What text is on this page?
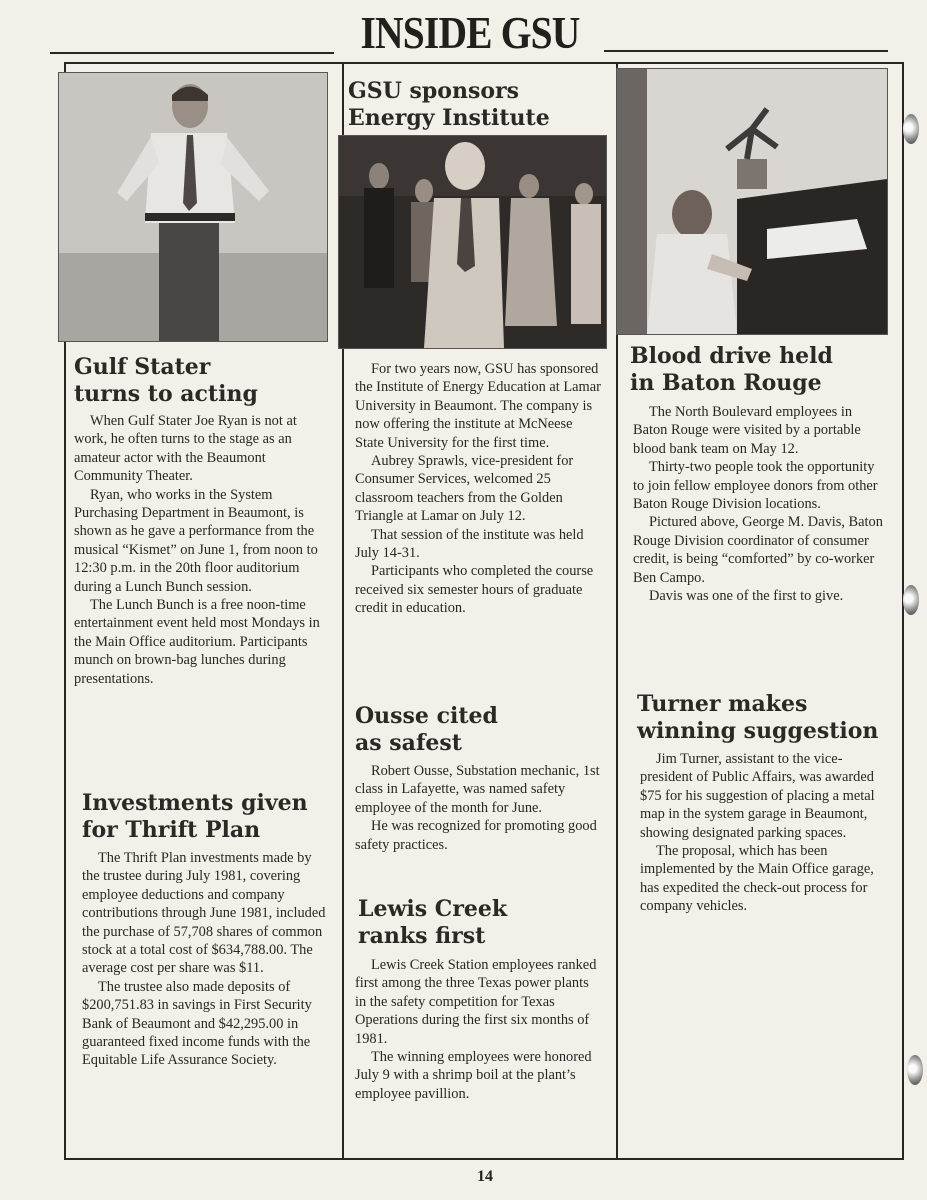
INSIDE GSU
Gulf Stater
turns to acting

When Gulf Stater Joe Ryan is not at work, he often turns to the stage as an amateur actor with the Beaumont Community Theater.

Ryan, who works in the System Purchasing Department in Beaumont, is shown as he gave a performance from the musical “Kismet” on June 1, from noon to 12:30 p.m. in the 20th floor auditorium during a Lunch Bunch session.

The Lunch Bunch is a free noon-time entertainment event held most Mondays in the Main Office auditorium. Participants munch on brown-bag lunches during presentations.

Investments given
for Thrift Plan

The Thrift Plan investments made by the trustee during July 1981, covering employee deductions and company contributions through June 1981, included the purchase of 57,708 shares of common stock at a total cost of $634,788.00. The average cost per share was $11.

The trustee also made deposits of $200,751.83 in savings in First Security Bank of Beaumont and $42,295.00 in guaranteed fixed income funds with the Equitable Life Assurance Society.

GSU sponsors
Energy Institute

For two years now, GSU has sponsored the Institute of Energy Education at Lamar University in Beaumont. The company is now offering the institute at McNeese State University for the first time.

Aubrey Sprawls, vice-president for Consumer Services, welcomed 25 classroom teachers from the Golden Triangle at Lamar on July 12.

That session of the institute was held July 14-31.

Participants who completed the course received six semester hours of graduate credit in education.

Ousse cited
as safest

Robert Ousse, Substation mechanic, 1st class in Lafayette, was named safety employee of the month for June.

He was recognized for promoting good safety practices.

Lewis Creek
ranks first

Lewis Creek Station employees ranked first among the three Texas power plants in the safety competition for Texas Operations during the first six months of 1981.

The winning employees were honored July 9 with a shrimp boil at the plant’s employee pavillion.

Blood drive held
in Baton Rouge

The North Boulevard employees in Baton Rouge were visited by a portable blood bank team on May 12.

Thirty-two people took the opportunity to join fellow employee donors from other Baton Rouge Division locations.

Pictured above, George M. Davis, Baton Rouge Division coordinator of consumer credit, is being “comforted” by co-worker Ben Campo.

Davis was one of the first to give.

Turner makes
winning suggestion

Jim Turner, assistant to the vice-president of Public Affairs, was awarded $75 for his suggestion of placing a metal map in the system garage in Beaumont, showing designated parking spaces.

The proposal, which has been implemented by the Main Office garage, has expedited the check-out process for company vehicles.

14
